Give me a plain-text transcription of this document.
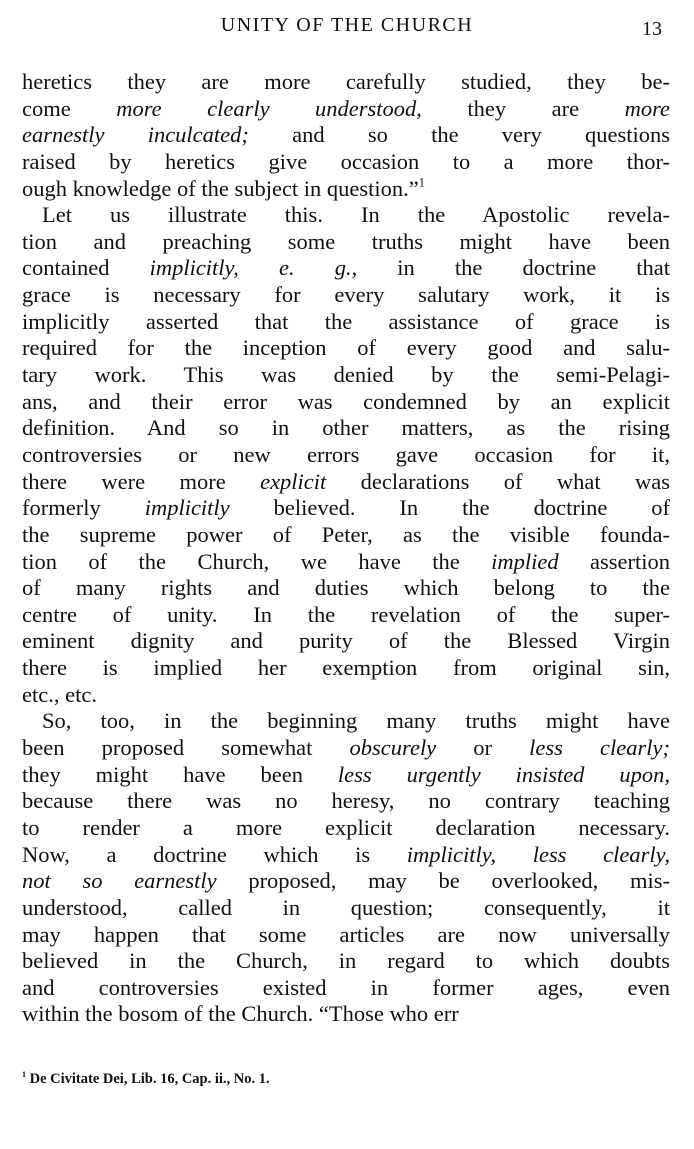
UNITY OF THE CHURCH	13
heretics they are more carefully studied, they be-
come more clearly understood, they are more
earnestly inculcated; and so the very questions
raised by heretics give occasion to a more thor-
ough knowledge of the subject in question.”$^1$
Let us illustrate this. In the Apostolic revela-
tion and preaching some truths might have been
contained implicitly, e. g., in the doctrine that
grace is necessary for every salutary work, it is
implicitly asserted that the assistance of grace is
required for the inception of every good and salu-
tary work. This was denied by the semi-Pelagi-
ans, and their error was condemned by an explicit
definition. And so in other matters, as the rising
controversies or new errors gave occasion for it,
there were more explicit declarations of what was
formerly implicitly believed. In the doctrine of
the supreme power of Peter, as the visible founda-
tion of the Church, we have the implied assertion
of many rights and duties which belong to the
centre of unity. In the revelation of the super-
eminent dignity and purity of the Blessed Virgin
there is implied her exemption from original sin,
etc., etc.
So, too, in the beginning many truths might have
been proposed somewhat obscurely or less clearly;
they might have been less urgently insisted upon,
because there was no heresy, no contrary teaching
to render a more explicit declaration necessary.
Now, a doctrine which is implicitly, less clearly,
not so earnestly proposed, may be overlooked, mis-
understood, called in question; consequently, it
may happen that some articles are now universally
believed in the Church, in regard to which doubts
and controversies existed in former ages, even
within the bosom of the Church. “Those who err
$^1$ De Civitate Dei, Lib. 16, Cap. ii., No. 1.
